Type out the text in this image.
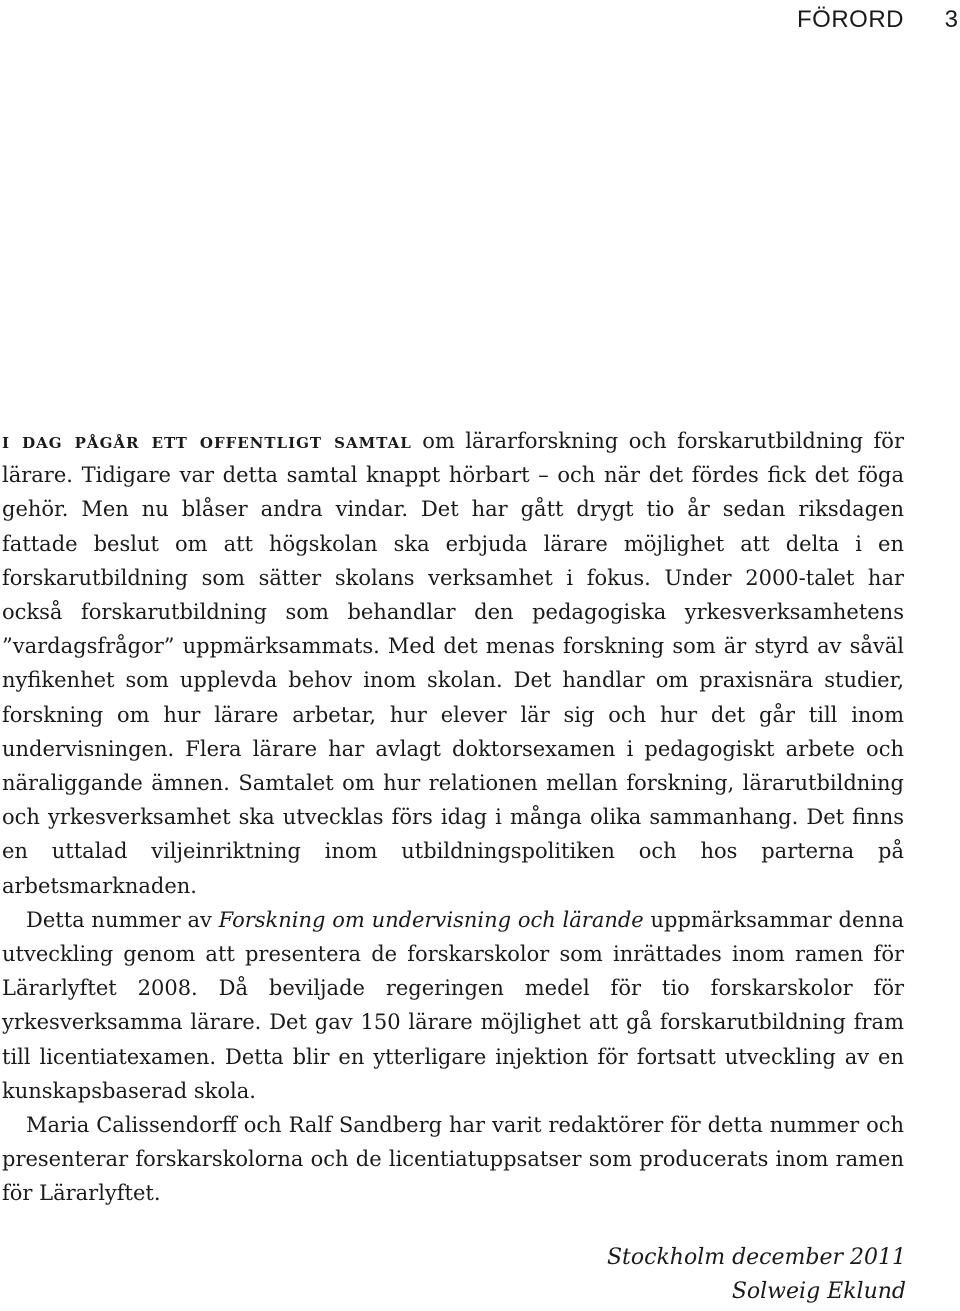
FÖRORD 3

i dag pågår ett offentligt samtal om lärarforskning och forskarutbildning för lärare. Tidigare var detta samtal knappt hörbart – och när det fördes fick det föga gehör. Men nu blåser andra vindar. Det har gått drygt tio år sedan riksdagen fattade beslut om att högskolan ska erbjuda lärare möjlighet att delta i en forskarutbildning som sätter skolans verksamhet i fokus. Under 2000-talet har också forskarutbildning som behandlar den pedagogiska yrkesverksamhetens ”vardagsfrågor” uppmärksammats. Med det menas forskning som är styrd av såväl nyfikenhet som upplevda behov inom skolan. Det handlar om praxisnära studier, forskning om hur lärare arbetar, hur elever lär sig och hur det går till inom undervisningen. Flera lärare har avlagt doktorsexamen i pedagogiskt arbete och näraliggande ämnen. Samtalet om hur relationen mellan forskning, lärarutbildning och yrkesverksamhet ska utvecklas förs idag i många olika sammanhang. Det finns en uttalad viljeinriktning inom utbildningspolitiken och hos parterna på arbetsmarknaden.

Detta nummer av Forskning om undervisning och lärande uppmärksammar denna utveckling genom att presentera de forskarskolor som inrättades inom ramen för Lärarlyftet 2008. Då beviljade regeringen medel för tio forskarskolor för yrkesverksamma lärare. Det gav 150 lärare möjlighet att gå forskarutbildning fram till licentiatexamen. Detta blir en ytterligare injektion för fortsatt utveckling av en kunskapsbaserad skola.

Maria Calissendorff och Ralf Sandberg har varit redaktörer för detta nummer och presenterar forskarskolorna och de licentiatuppsatser som producerats inom ramen för Lärarlyftet.

Stockholm december 2011
Solweig Eklund
